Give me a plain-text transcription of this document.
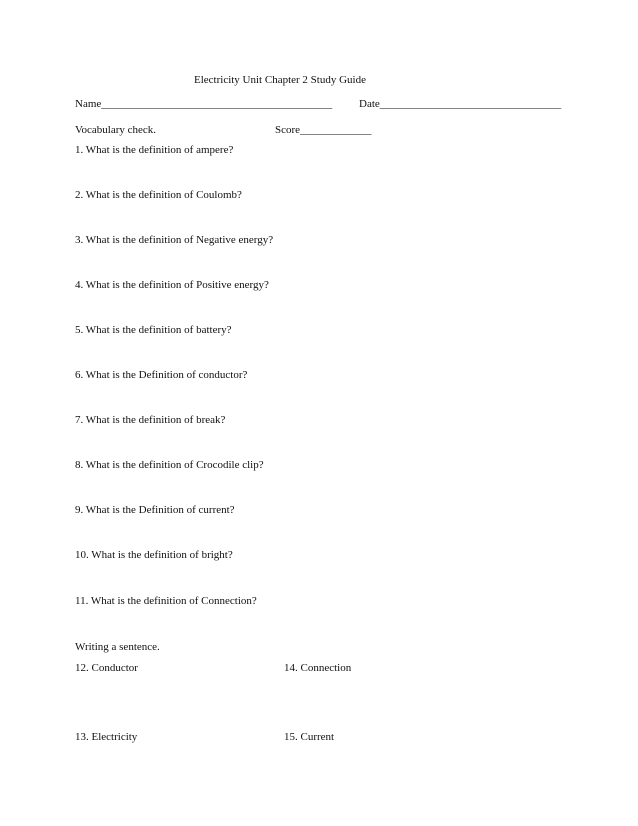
Electricity Unit Chapter 2 Study Guide
Name__________________________________________ Date_________________________________
Vocabulary check.	Score_____________
1. What is the definition of ampere?
2. What is the definition of Coulomb?
3. What is the definition of Negative energy?
4. What is the definition of Positive energy?
5. What is the definition of battery?
6. What is the Definition of conductor?
7. What is the definition of break?
8. What is the definition of Crocodile clip?
9. What is the Definition of current?
10. What is the definition of bright?
11. What is the definition of Connection?
Writing a sentence.
12. Conductor	14. Connection
13. Electricity	15. Current
